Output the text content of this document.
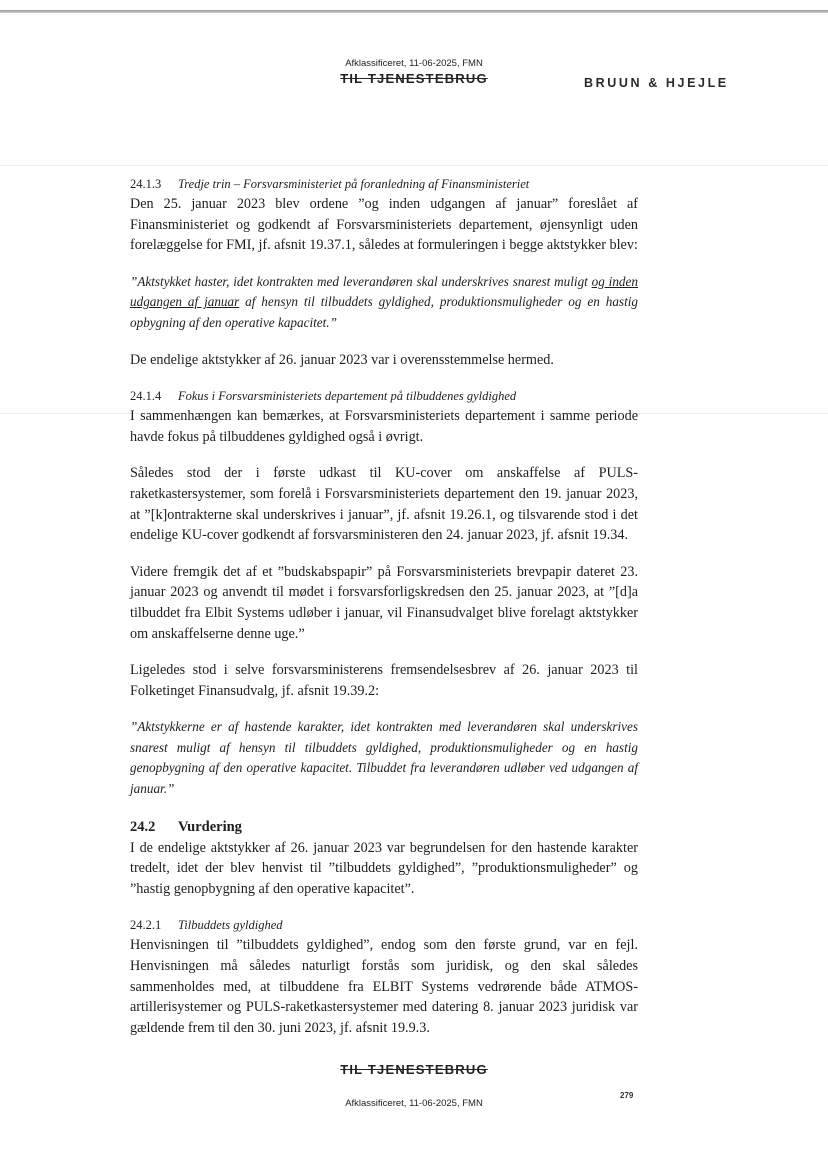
Afklassificeret, 11-06-2025, FMN
TIL TJENESTEBRUG	BRUUN & HJEJLE
24.1.3 Tredje trin – Forsvarsministeriet på foranledning af Finansministeriet

Den 25. januar 2023 blev ordene ”og inden udgangen af januar” foreslået af Finansministeriet og godkendt af Forsvarsministeriets departement, øjensynligt uden forelæggelse for FMI, jf. afsnit 19.37.1, således at formuleringen i begge aktstykker blev:

”Aktstykket haster, idet kontrakten med leverandøren skal underskrives snarest muligt og inden udgangen af januar af hensyn til tilbuddets gyldighed, produktionsmuligheder og en hastig opbygning af den operative kapacitet.”

De endelige aktstykker af 26. januar 2023 var i overensstemmelse hermed.

24.1.4 Fokus i Forsvarsministeriets departement på tilbuddenes gyldighed

I sammenhængen kan bemærkes, at Forsvarsministeriets departement i samme periode havde fokus på tilbuddenes gyldighed også i øvrigt.

Således stod der i første udkast til KU-cover om anskaffelse af PULS-raketkastersystemer, som forelå i Forsvarsministeriets departement den 19. januar 2023, at ”[k]ontrakterne skal underskrives i januar”, jf. afsnit 19.26.1, og tilsvarende stod i det endelige KU-cover godkendt af forsvarsministeren den 24. januar 2023, jf. afsnit 19.34.

Videre fremgik det af et ”budskabspapir” på Forsvarsministeriets brevpapir dateret 23. januar 2023 og anvendt til mødet i forsvarsforligskredsen den 25. januar 2023, at ”[d]a tilbuddet fra Elbit Systems udløber i januar, vil Finansudvalget blive forelagt aktstykker om anskaffelserne denne uge.”

Ligeledes stod i selve forsvarsministerens fremsendelsesbrev af 26. januar 2023 til Folketinget Finansudvalg, jf. afsnit 19.39.2:

”Aktstykkerne er af hastende karakter, idet kontrakten med leverandøren skal underskrives snarest muligt af hensyn til tilbuddets gyldighed, produktionsmuligheder og en hastig genopbygning af den operative kapacitet. Tilbuddet fra leverandøren udløber ved udgangen af januar.”

24.2 Vurdering

I de endelige aktstykker af 26. januar 2023 var begrundelsen for den hastende karakter tredelt, idet der blev henvist til ”tilbuddets gyldighed”, ”produktionsmuligheder” og ”hastig genopbygning af den operative kapacitet”.

24.2.1 Tilbuddets gyldighed

Henvisningen til ”tilbuddets gyldighed”, endog som den første grund, var en fejl. Henvisningen må således naturligt forstås som juridisk, og den skal således sammenholdes med, at tilbuddene fra ELBIT Systems vedrørende både ATMOS-artillerisystemer og PULS-raketkastersystemer med datering 8. januar 2023 juridisk var gældende frem til den 30. juni 2023, jf. afsnit 19.9.3.

TIL TJENESTEBRUG
279
Afklassificeret, 11-06-2025, FMN
